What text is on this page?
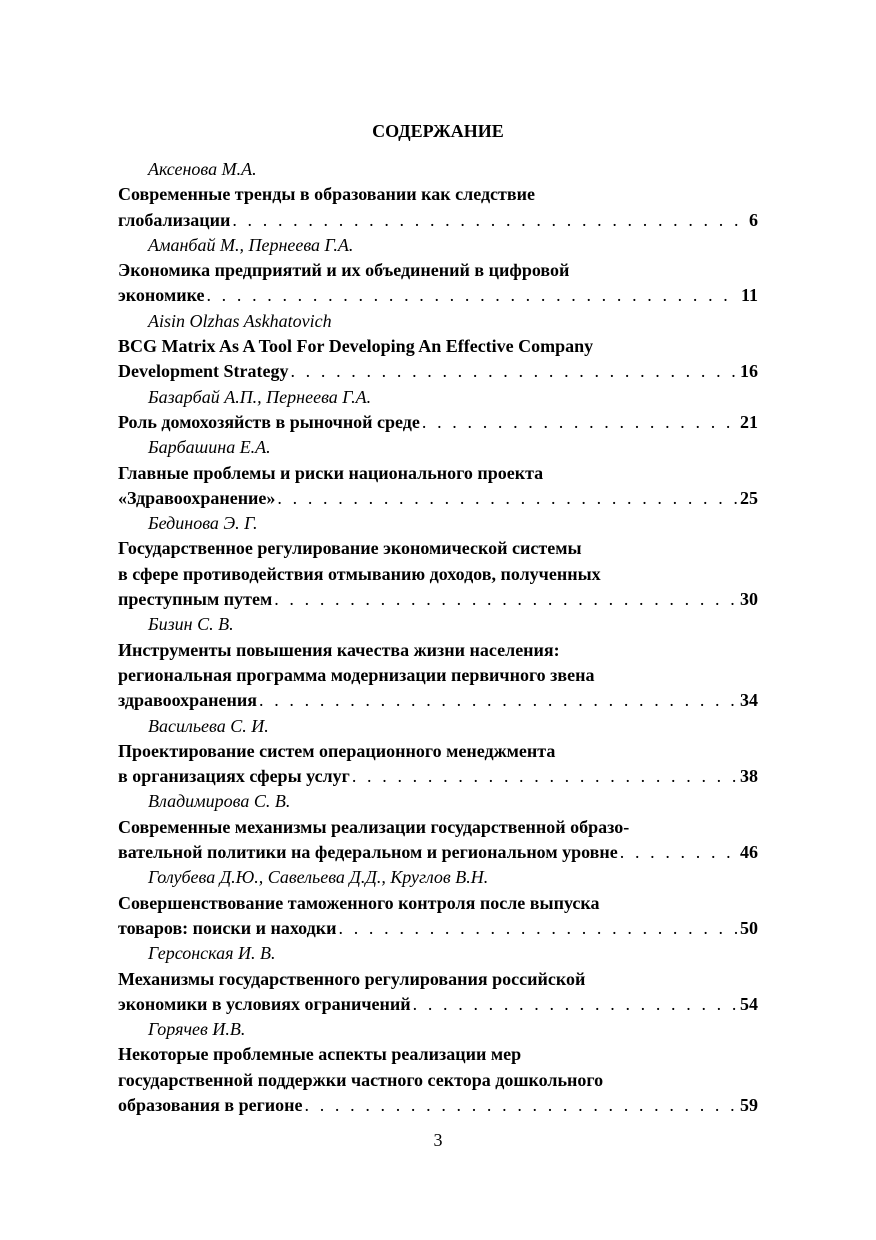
СОДЕРЖАНИЕ
Аксенова М.А.
Современные тренды в образовании как следствие
глобализации . . .	6
Аманбай М., Пернеева Г.А.
Экономика предприятий и их объединений в цифровой
экономике . . .	11
Aisin Olzhas Askhatovich
BCG Matrix As A Tool For Developing An Effective Company
Development Strategy . . .	16
Базарбай А.П., Пернеева Г.А.
Роль домохозяйств в рыночной среде . . .	21
Барбашина Е.А.
Главные проблемы и риски национального проекта
«Здравоохранение» . . .	25
Бединова Э. Г.
Государственное регулирование экономической системы
в сфере противодействия отмыванию доходов, полученных
преступным путем . . .	30
Бизин С. В.
Инструменты повышения качества жизни населения:
региональная программа модернизации первичного звена
здравоохранения . . .	34
Васильева С. И.
Проектирование систем операционного менеджмента
в организациях сферы услуг . . .	38
Владимирова С. В.
Современные механизмы реализации государственной образо-
вательной политики на федеральном и региональном уровне . . .	46
Голубева Д.Ю., Савельева Д.Д., Круглов В.Н.
Совершенствование таможенного контроля после выпуска
товаров: поиски и находки . . .	50
Герсонская И. В.
Механизмы государственного регулирования российской
экономики в условиях ограничений . . .	54
Горячев И.В.
Некоторые проблемные аспекты реализации мер
государственной поддержки частного сектора дошкольного
образования в регионе . . .	59
3
